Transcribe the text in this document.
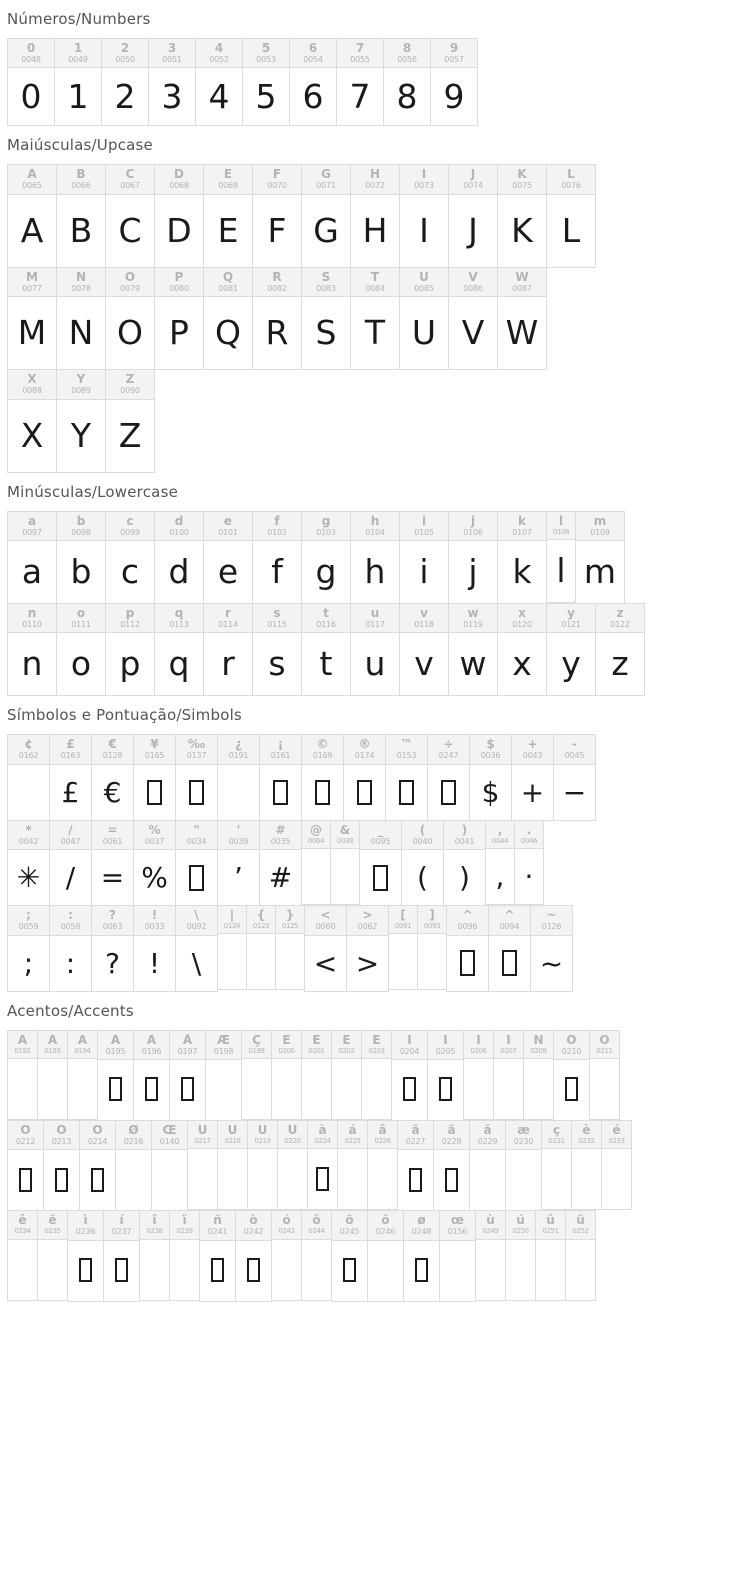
Números/Numbers
0
0048
0
1
0049
1
2
0050
2
3
0051
3
4
0052
4
5
0053
5
6
0054
6
7
0055
7
8
0056
8
9
0057
9
Maiúsculas/Upcase
A
0065
A
B
0066
B
C
0067
C
D
0068
D
E
0069
E
F
0070
F
G
0071
G
H
0072
H
I
0073
I
J
0074
J
K
0075
K
L
0076
L
M
0077
M
N
0078
N
O
0079
O
P
0080
P
Q
0081
Q
R
0082
R
S
0083
S
T
0084
T
U
0085
U
V
0086
V
W
0087
W
X
0088
X
Y
0089
Y
Z
0090
Z
Minúsculas/Lowercase
a
0097
a
b
0098
b
c
0099
c
d
0100
d
e
0101
e
f
0102
f
g
0103
g
h
0104
h
i
0105
i
j
0106
j
k
0107
k
l
0108
l
m
0109
m
n
0110
n
o
0111
o
p
0112
p
q
0113
q
r
0114
r
s
0115
s
t
0116
t
u
0117
u
v
0118
v
w
0119
w
x
0120
x
y
0121
y
z
0122
z
Símbolos e Pontuação/Simbols
¢
0162
£
0163
£
€
0128
€
¥
0165
‰
0137
¿
0191
¡
0161
©
0169
®
0174
™
0153
÷
0247
$
0036
$
+
0043
+
-
0045
−
*
0042
✳
/
0047
/
=
0061
=
%
0037
%
"
0034
'
0039
’
#
0035
#
@
0064
&
0038
_
0095
(
0040
(
)
0041
)
,
0044
,
.
0046
·
;
0059
;
:
0058
:
?
0063
?
!
0033
!
\
0092
\
|
0124
{
0123
}
0125
<
0060
<
>
0062
>
[
0091
]
0093
^
0096
^
0094
~
0126
~
Acentos/Accents
À
0192
Á
0193
Â
0194
Ã
0195
Ä
0196
Å
0197
Æ
0198
Ç
0199
È
0200
É
0201
Ê
0202
Ë
0203
Ì
0204
Í
0205
Î
0206
Ï
0207
Ñ
0209
Ò
0210
Ó
0211
Ô
0212
Ö
0213
Ö
0214
Ø
0216
Œ
0140
Ù
0217
Ú
0218
Û
0219
Ü
0220
à
0224
á
0225
â
0226
ã
0227
ä
0228
å
0229
æ
0230
ç
0231
è
0232
é
0233
ê
0234
ë
0235
ì
0236
í
0237
î
0238
ï
0239
ñ
0241
ò
0242
ó
0243
ô
0244
õ
0245
ö
0246
ø
0248
œ
0156
ù
0249
ú
0250
û
0251
ü
0252
